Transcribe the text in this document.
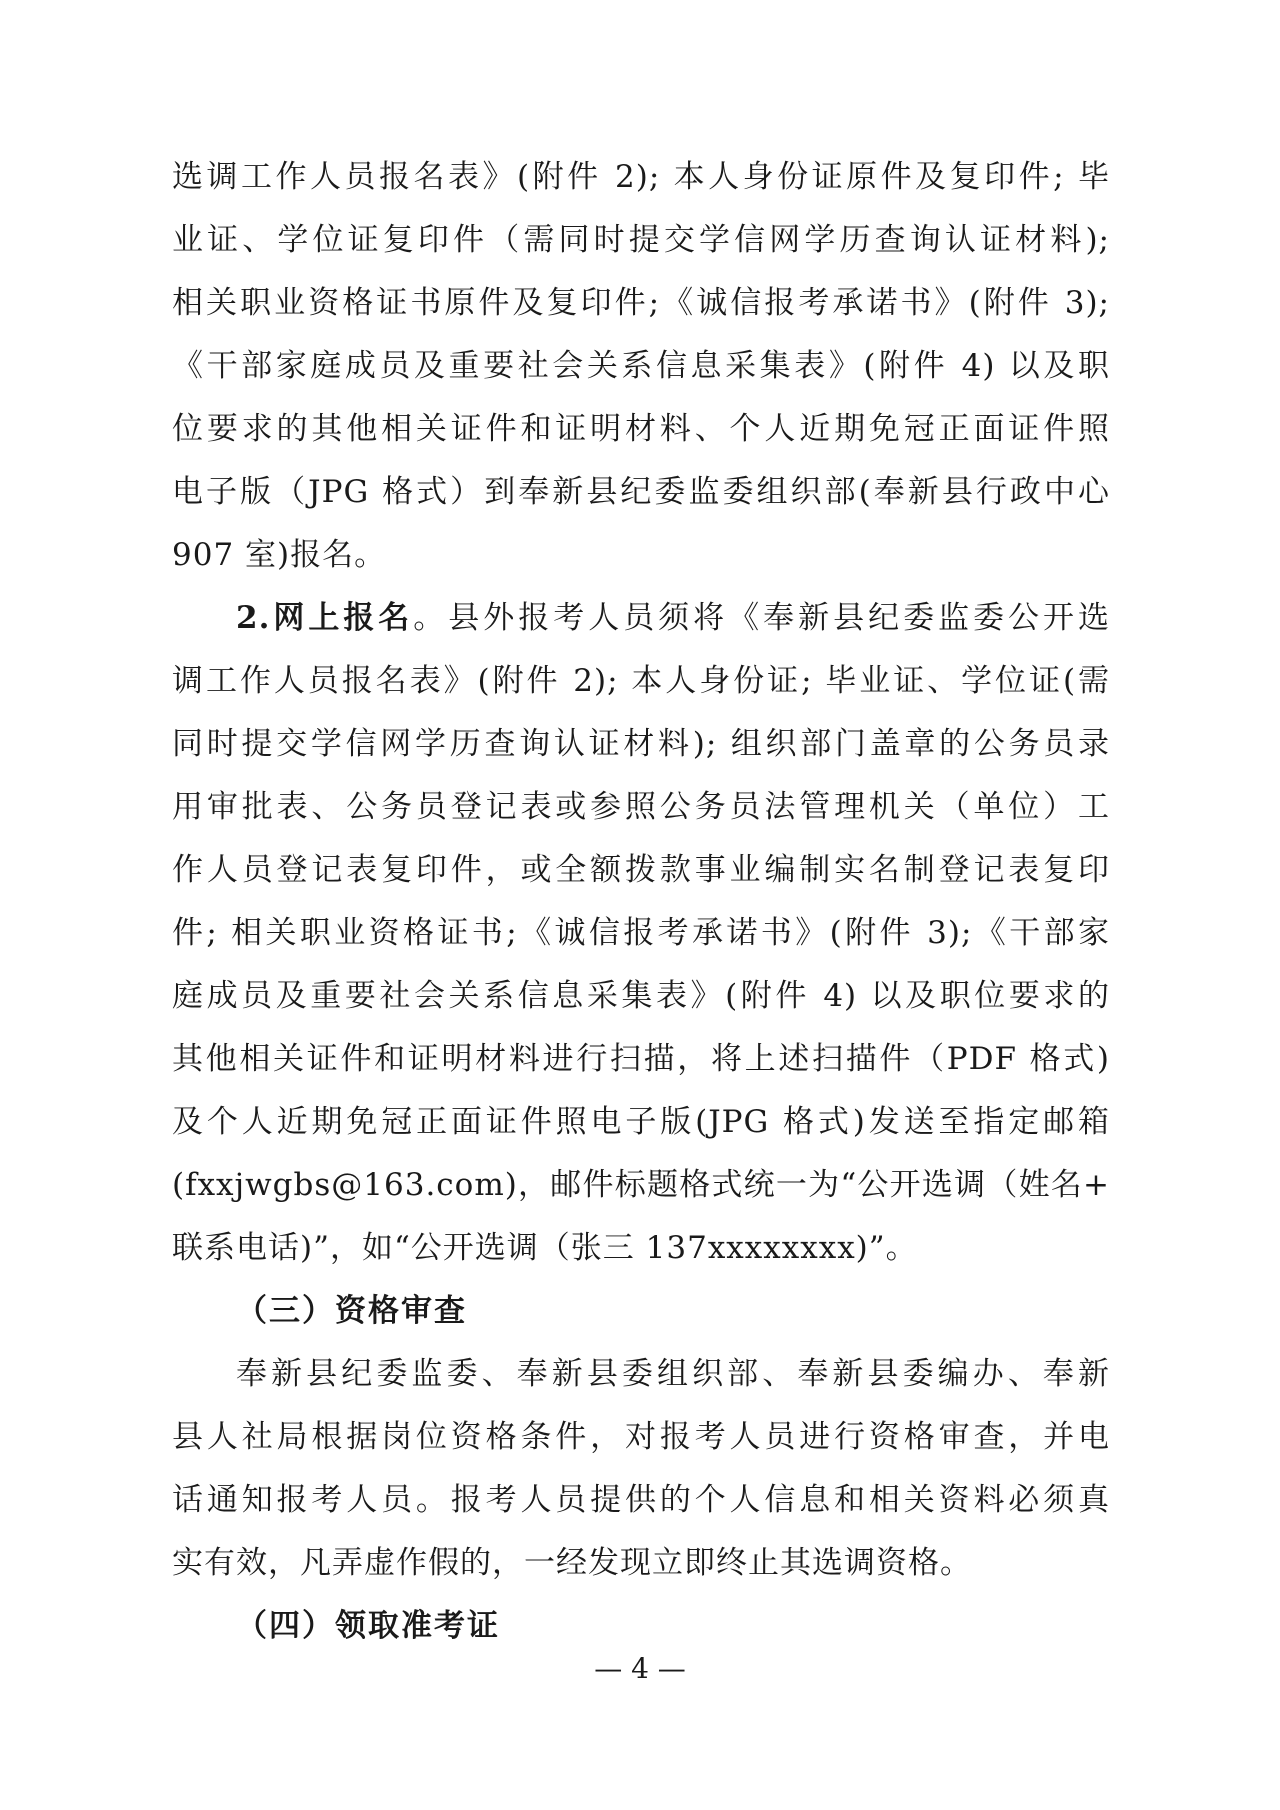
选调工作人员报名表》(附件 2); 本人身份证原件及复印件; 毕
业证、学位证复印件（需同时提交学信网学历查询认证材料);
相关职业资格证书原件及复印件;《诚信报考承诺书》(附件 3);
《干部家庭成员及重要社会关系信息采集表》(附件 4) 以及职
位要求的其他相关证件和证明材料、个人近期免冠正面证件照
电子版（JPG 格式）到奉新县纪委监委组织部(奉新县行政中心
907 室)报名。
2.网上报名。县外报考人员须将《奉新县纪委监委公开选
调工作人员报名表》(附件 2); 本人身份证; 毕业证、学位证(需
同时提交学信网学历查询认证材料); 组织部门盖章的公务员录
用审批表、公务员登记表或参照公务员法管理机关（单位）工
作人员登记表复印件，或全额拨款事业编制实名制登记表复印
件; 相关职业资格证书;《诚信报考承诺书》(附件 3);《干部家
庭成员及重要社会关系信息采集表》(附件 4) 以及职位要求的
其他相关证件和证明材料进行扫描，将上述扫描件（PDF 格式)
及个人近期免冠正面证件照电子版(JPG 格式)发送至指定邮箱
(fxxjwgbs@163.com)，邮件标题格式统一为“公开选调（姓名+
联系电话)”，如“公开选调（张三 137xxxxxxxx)”。
（三）资格审查
奉新县纪委监委、奉新县委组织部、奉新县委编办、奉新
县人社局根据岗位资格条件，对报考人员进行资格审查，并电
话通知报考人员。报考人员提供的个人信息和相关资料必须真
实有效，凡弄虚作假的，一经发现立即终止其选调资格。
（四）领取准考证
— 4 —
